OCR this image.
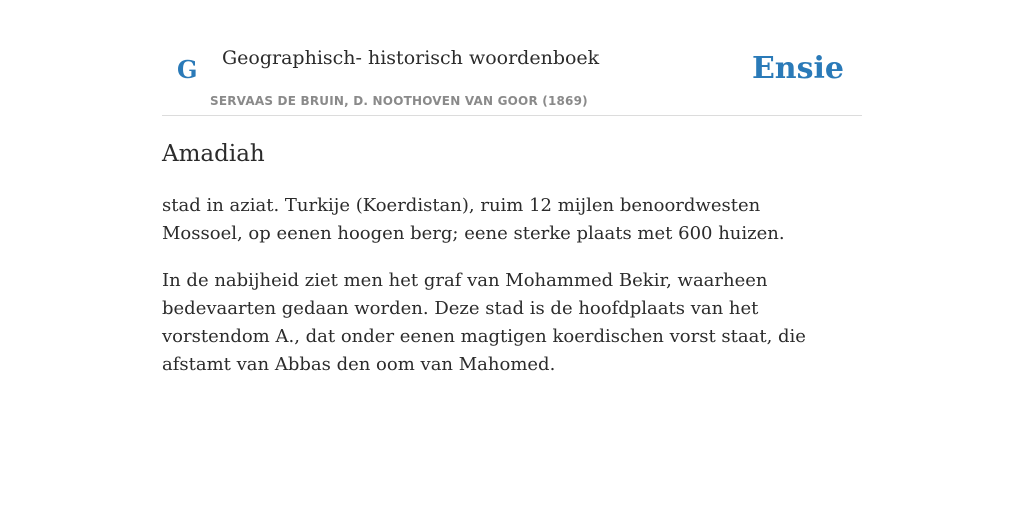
G Geographisch- historisch woordenboek
SERVAAS DE BRUIN, D. NOOTHOVEN VAN GOOR (1869)
Ensie
Amadiah

stad in aziat. Turkije (Koerdistan), ruim 12 mijlen benoordwesten Mossoel, op eenen hoogen berg; eene sterke plaats met 600 huizen.

In de nabijheid ziet men het graf van Mohammed Bekir, waarheen bedevaarten gedaan worden. Deze stad is de hoofdplaats van het vorstendom A., dat onder eenen magtigen koerdischen vorst staat, die afstamt van Abbas den oom van Mahomed.
